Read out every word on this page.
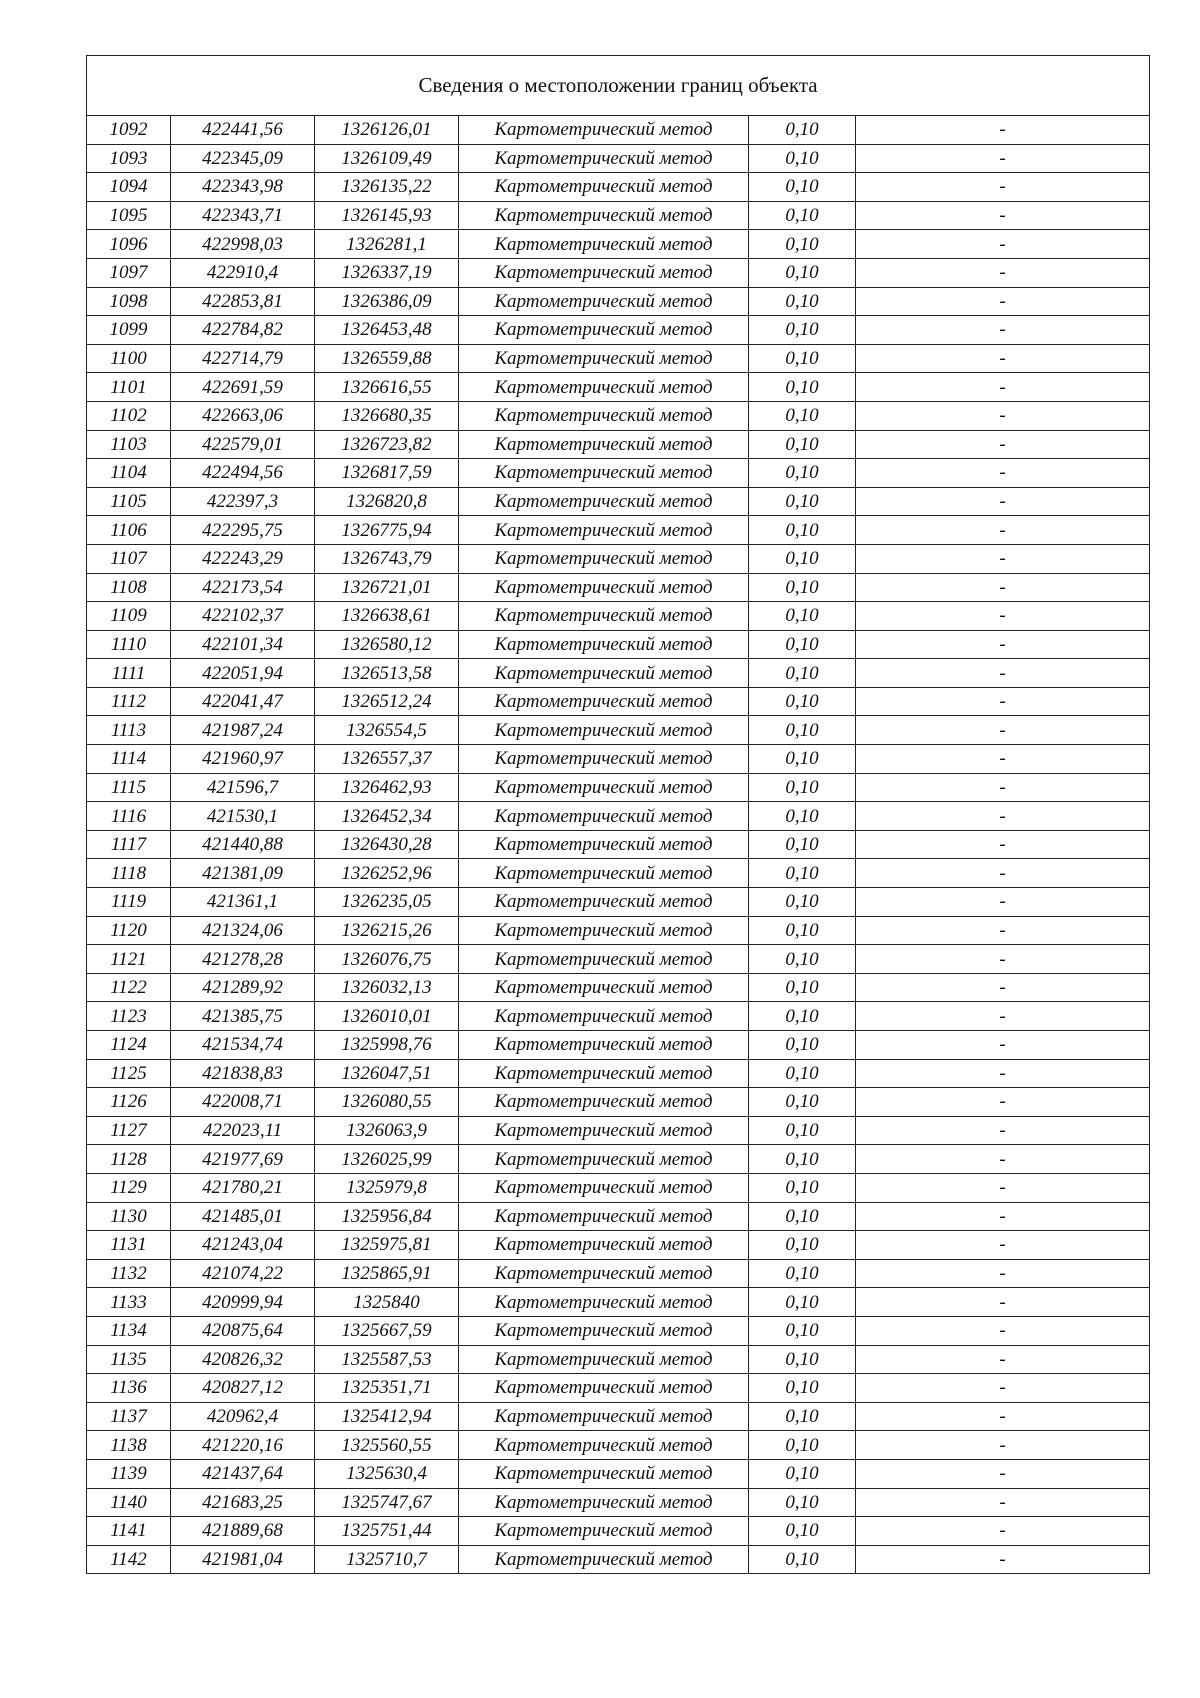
Сведения о местоположении границ объекта					
1092	422441,56	1326126,01	Картометрический метод	0,10	-
1093	422345,09	1326109,49	Картометрический метод	0,10	-
1094	422343,98	1326135,22	Картометрический метод	0,10	-
1095	422343,71	1326145,93	Картометрический метод	0,10	-
1096	422998,03	1326281,1	Картометрический метод	0,10	-
1097	422910,4	1326337,19	Картометрический метод	0,10	-
1098	422853,81	1326386,09	Картометрический метод	0,10	-
1099	422784,82	1326453,48	Картометрический метод	0,10	-
1100	422714,79	1326559,88	Картометрический метод	0,10	-
1101	422691,59	1326616,55	Картометрический метод	0,10	-
1102	422663,06	1326680,35	Картометрический метод	0,10	-
1103	422579,01	1326723,82	Картометрический метод	0,10	-
1104	422494,56	1326817,59	Картометрический метод	0,10	-
1105	422397,3	1326820,8	Картометрический метод	0,10	-
1106	422295,75	1326775,94	Картометрический метод	0,10	-
1107	422243,29	1326743,79	Картометрический метод	0,10	-
1108	422173,54	1326721,01	Картометрический метод	0,10	-
1109	422102,37	1326638,61	Картометрический метод	0,10	-
1110	422101,34	1326580,12	Картометрический метод	0,10	-
1111	422051,94	1326513,58	Картометрический метод	0,10	-
1112	422041,47	1326512,24	Картометрический метод	0,10	-
1113	421987,24	1326554,5	Картометрический метод	0,10	-
1114	421960,97	1326557,37	Картометрический метод	0,10	-
1115	421596,7	1326462,93	Картометрический метод	0,10	-
1116	421530,1	1326452,34	Картометрический метод	0,10	-
1117	421440,88	1326430,28	Картометрический метод	0,10	-
1118	421381,09	1326252,96	Картометрический метод	0,10	-
1119	421361,1	1326235,05	Картометрический метод	0,10	-
1120	421324,06	1326215,26	Картометрический метод	0,10	-
1121	421278,28	1326076,75	Картометрический метод	0,10	-
1122	421289,92	1326032,13	Картометрический метод	0,10	-
1123	421385,75	1326010,01	Картометрический метод	0,10	-
1124	421534,74	1325998,76	Картометрический метод	0,10	-
1125	421838,83	1326047,51	Картометрический метод	0,10	-
1126	422008,71	1326080,55	Картометрический метод	0,10	-
1127	422023,11	1326063,9	Картометрический метод	0,10	-
1128	421977,69	1326025,99	Картометрический метод	0,10	-
1129	421780,21	1325979,8	Картометрический метод	0,10	-
1130	421485,01	1325956,84	Картометрический метод	0,10	-
1131	421243,04	1325975,81	Картометрический метод	0,10	-
1132	421074,22	1325865,91	Картометрический метод	0,10	-
1133	420999,94	1325840	Картометрический метод	0,10	-
1134	420875,64	1325667,59	Картометрический метод	0,10	-
1135	420826,32	1325587,53	Картометрический метод	0,10	-
1136	420827,12	1325351,71	Картометрический метод	0,10	-
1137	420962,4	1325412,94	Картометрический метод	0,10	-
1138	421220,16	1325560,55	Картометрический метод	0,10	-
1139	421437,64	1325630,4	Картометрический метод	0,10	-
1140	421683,25	1325747,67	Картометрический метод	0,10	-
1141	421889,68	1325751,44	Картометрический метод	0,10	-
1142	421981,04	1325710,7	Картометрический метод	0,10	-
